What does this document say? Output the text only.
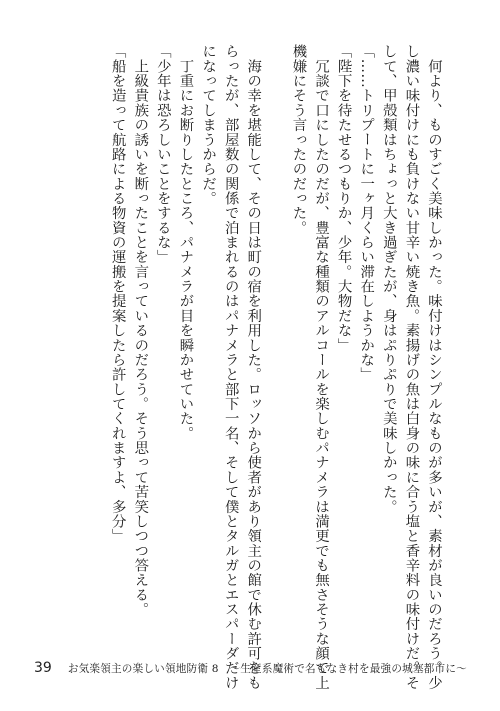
　何より、ものすごく美味しかった。味付けはシンプルなものが多いが、素材が良いのだろう。少
し濃い味付けにも負けない甘辛い焼き魚。素揚げの魚は白身の味に合う塩と香辛料の味付けだ。そ
して、甲殻類はちょっと大き過ぎたが、身はぷりぷりで美味しかった。
「……トリプートに一ヶ月くらい滞在しようかな」
「陛下を待たせるつもりか、少年。大物だな」
　冗談で口にしたのだが、豊富な種類のアルコールを楽しむパナメラは満更でも無さそうな顔で上
機嫌にそう言ったのだった。
　海の幸を堪能して、その日は町の宿を利用した。ロッソから使者があり領主の館で休む許可をも
らったが、部屋数の関係で泊まれるのはパナメラと部下一名、そして僕とタルガとエスパーダだけ
になってしまうからだ。
　丁重にお断りしたところ、パナメラが目を瞬かせていた。
「少年は恐ろしいことをするな」
　上級貴族の誘いを断ったことを言っているのだろう。そう思って苦笑しつつ答える。
「船を造って航路による物資の運搬を提案したら許してくれますよ、多分」
39 お気楽領主の楽しい領地防衛 8　～生産系魔術で名もなき村を最強の城塞都市に～
